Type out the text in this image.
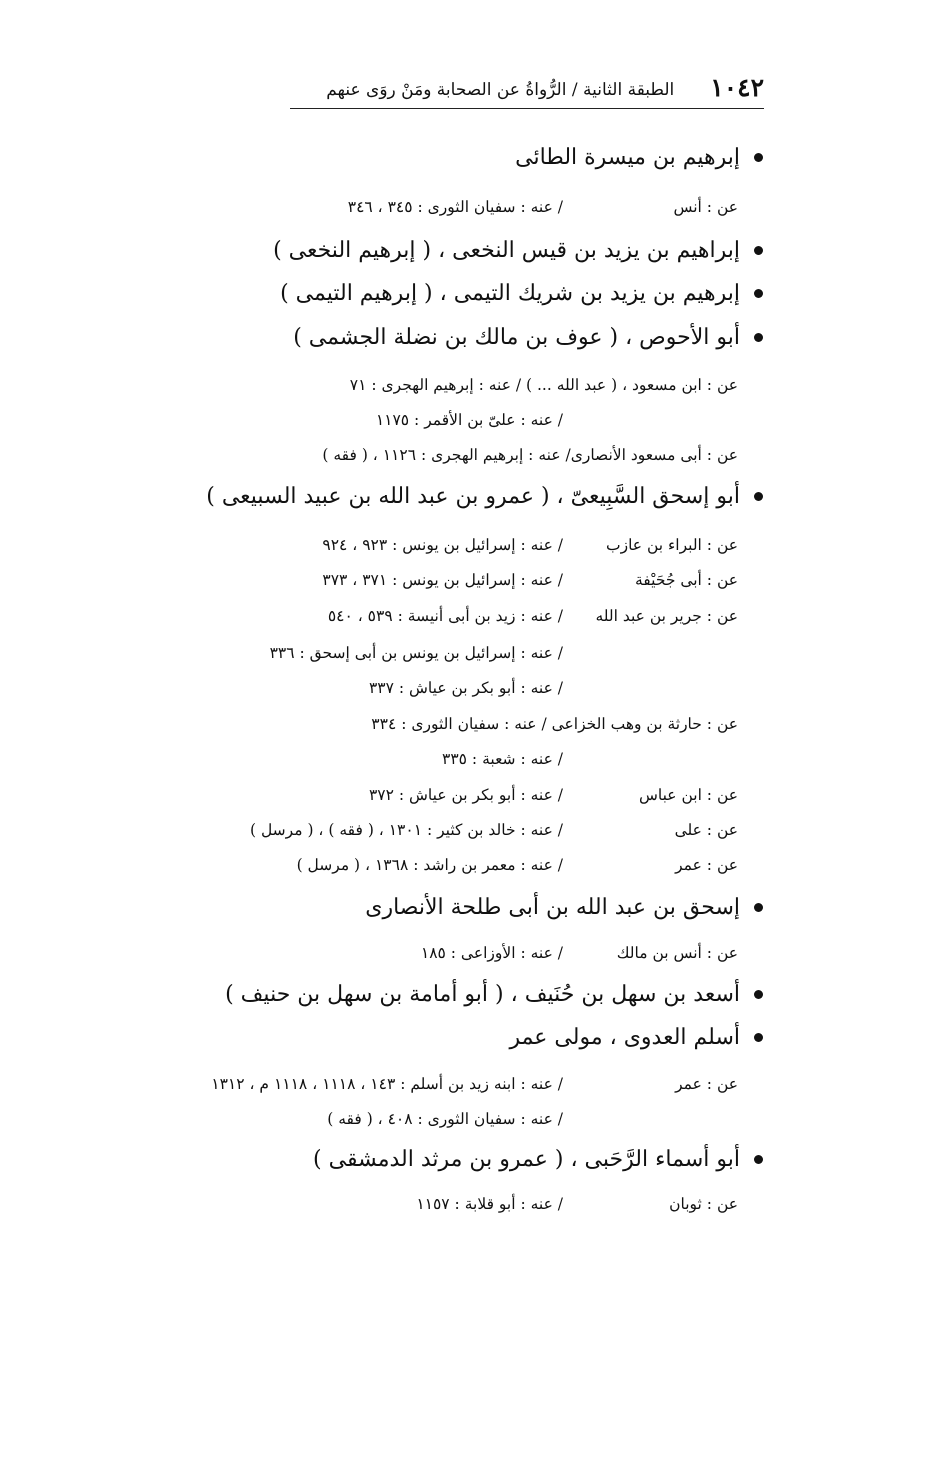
١٠٤٢
الطبقة الثانية / الرُّواةُ عن الصحابة ومَنْ روَى عنهم
إبرهيم بن ميسرة الطائى
عن : أنس
/ عنه : سفيان الثورى : ٣٤٥ ، ٣٤٦
إبراهيم بن يزيد بن قيس النخعى ، ( إبرهيم النخعى )
إبرهيم بن يزيد بن شريك التيمى ، ( إبرهيم التيمى )
أبو الأحوص ، ( عوف بن مالك بن نضلة الجشمى )
عن : ابن مسعود ، ( عبد الله ... ) / عنه : إبرهيم الهجرى : ٧١
/ عنه : علىّ بن الأقمر : ١١٧٥
عن : أبى مسعود الأنصارى/ عنه : إبرهيم الهجرى : ١١٢٦ ، ( فقه )
أبو إسحق السَّبِيعىّ ، ( عمرو بن عبد الله بن عبيد السبيعى )
عن : البراء بن عازب
/ عنه : إسرائيل بن يونس : ٩٢٣ ، ٩٢٤
عن : أبى جُحَيْفة
/ عنه : إسرائيل بن يونس : ٣٧١ ، ٣٧٣
عن : جرير بن عبد الله
/ عنه : زيد بن أبى أنيسة : ٥٣٩ ، ٥٤٠
/ عنه : إسرائيل بن يونس بن أبى إسحق : ٣٣٦
/ عنه : أبو بكر بن عياش : ٣٣٧
عن : حارثة بن وهب الخزاعى / عنه : سفيان الثورى : ٣٣٤
/ عنه : شعبة : ٣٣٥
عن : ابن عباس
/ عنه : أبو بكر بن عياش : ٣٧٢
عن : على
/ عنه : خالد بن كثير : ١٣٠١ ، ( فقه ) ، ( مرسل )
عن : عمر
/ عنه : معمر بن راشد : ١٣٦٨ ، ( مرسل )
إسحق بن عبد الله بن أبى طلحة الأنصارى
عن : أنس بن مالك
/ عنه : الأوزاعى : ١٨٥
أسعد بن سهل بن حُنَيف ، ( أبو أمامة بن سهل بن حنيف )
أسلم العدوى ، مولى عمر
عن : عمر
/ عنه : ابنه زيد بن أسلم : ١٤٣ ، ١١١٨ ، ١١١٨ م ، ١٣١٢
/ عنه : سفيان الثورى : ٤٠٨ ، ( فقه )
أبو أسماء الرَّحَبى ، ( عمرو بن مرثد الدمشقى )
عن : ثوبان
/ عنه : أبو قلابة : ١١٥٧
